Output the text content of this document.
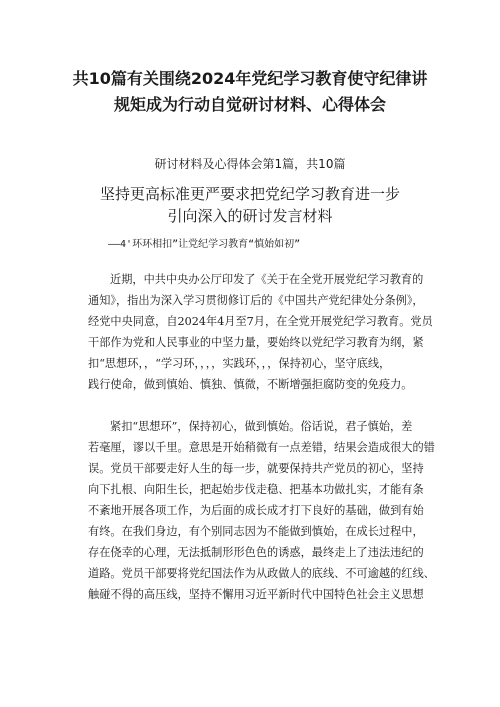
共10篇有关围绕2024年党纪学习教育使守纪律讲
规矩成为行动自觉研讨材料、心得体会
研讨材料及心得体会第1篇，共10篇
坚持更高标准更严要求把党纪学习教育进一步
引向深入的研讨发言材料
——4'环环相扣”让党纪学习教育“慎始如初”
近期，中共中央办公厅印发了《关于在全党开展党纪学习教育的
通知》，指出为深入学习贯彻修订后的《中国共产党纪律处分条例》，
经党中央同意，自2024年4月至7月，在全党开展党纪学习教育。党员
干部作为党和人民事业的中坚力量，要始终以党纪学习教育为纲，紧
扣“思想环，，“学习环，，，，实践环，，，保持初心，坚守底线，
践行使命，做到慎始、慎独、慎微，不断增强拒腐防变的免疫力。
紧扣“思想环”，保持初心，做到慎始。俗话说，君子慎始，差
若毫厘，谬以千里。意思是开始稍微有一点差错，结果会造成很大的错
误。党员干部要走好人生的每一步，就要保持共产党员的初心，坚持
向下扎根、向阳生长，把起始步伐走稳、把基本功做扎实，才能有条
不紊地开展各项工作，为后面的成长成才打下良好的基础，做到有始
有终。在我们身边，有个别同志因为不能做到慎始，在成长过程中，
存在侥幸的心理，无法抵制形形色色的诱惑，最终走上了违法违纪的
道路。党员干部要将党纪国法作为从政做人的底线、不可逾越的红线、
触碰不得的高压线，坚持不懈用习近平新时代中国特色社会主义思想
